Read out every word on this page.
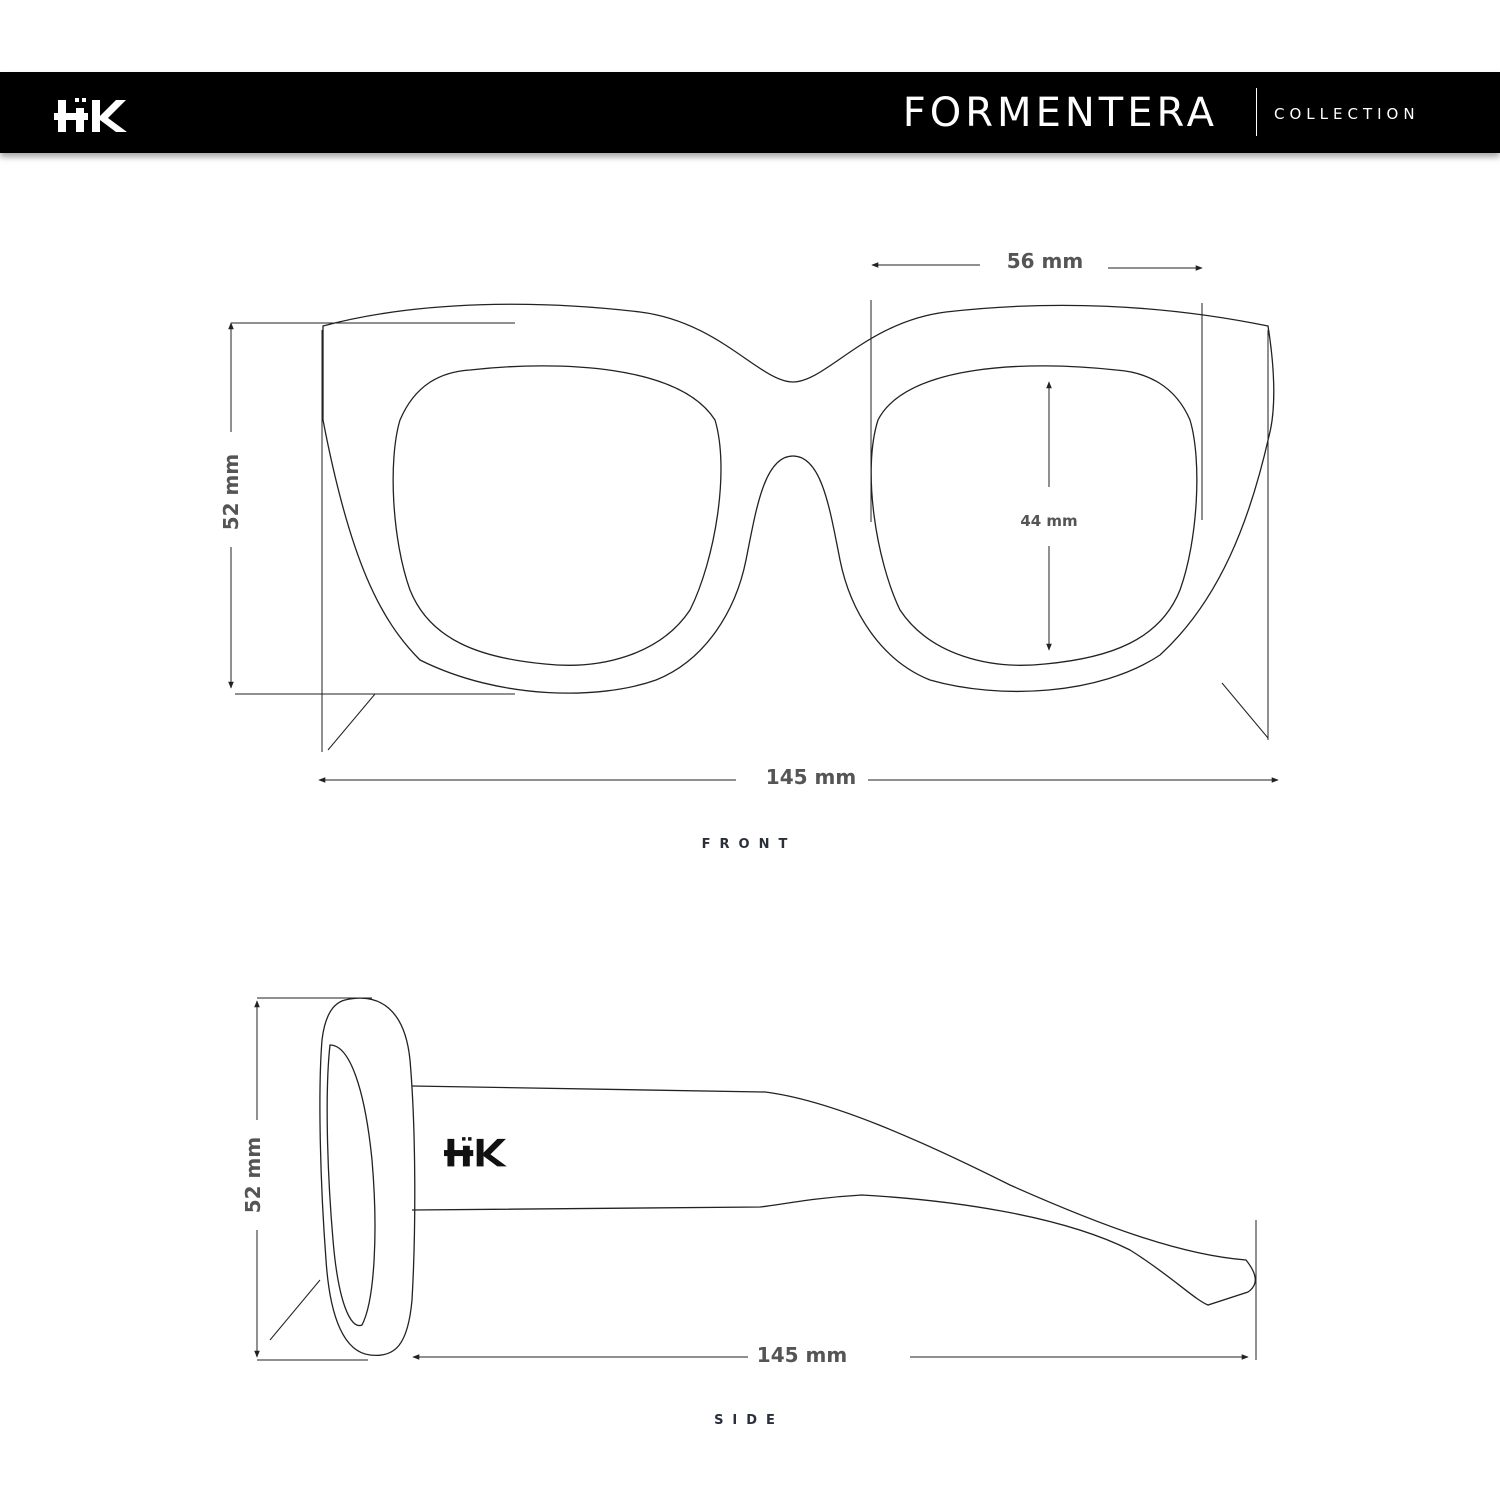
FORMENTERA	COLLECTION
56 mm
44 mm
52 mm
145 mm
FRONT
52 mm
145 mm
SIDE
